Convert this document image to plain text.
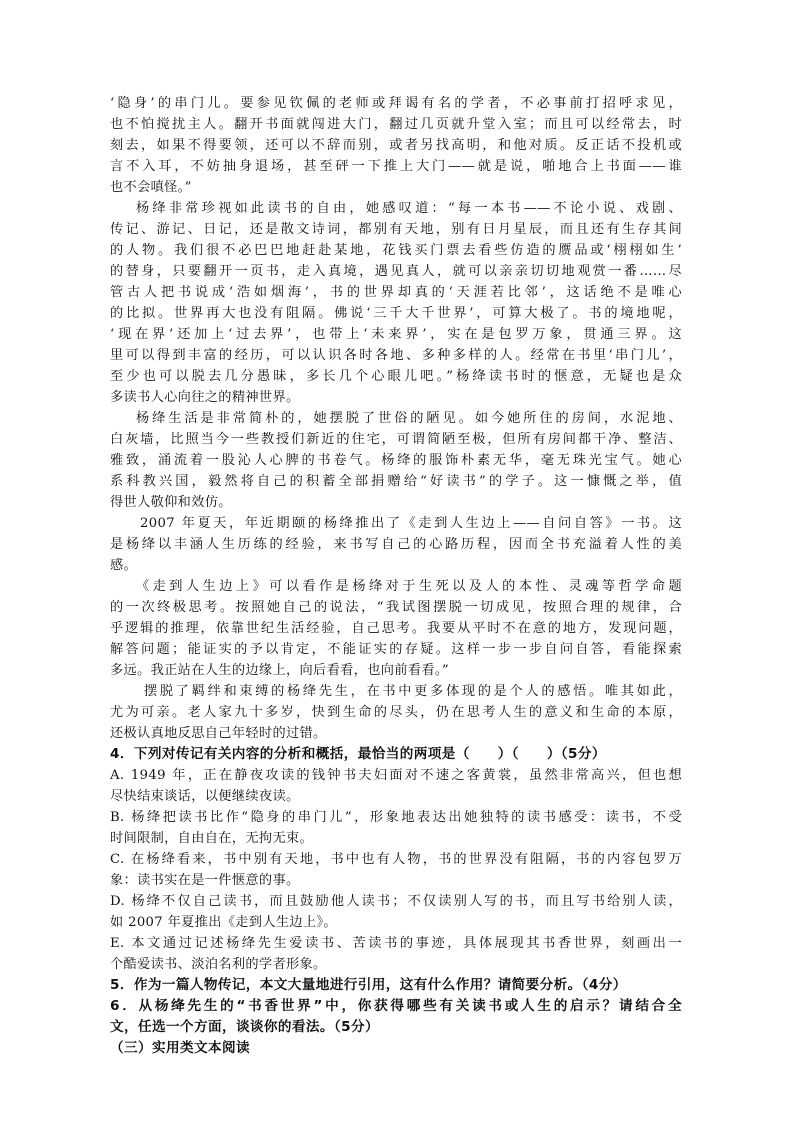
‘隐身’的串门儿。要参见钦佩的老师或拜谒有名的学者，不必事前打招呼求见，
也不怕搅扰主人。翻开书面就闯进大门，翻过几页就升堂入室；而且可以经常去，时
刻去，如果不得要领，还可以不辞而别，或者另找高明，和他对质。反正话不投机或
言不入耳，不妨抽身退场，甚至砰一下推上大门——就是说，啪地合上书面——谁
也不会嗔怪。”
杨绛非常珍视如此读书的自由，她感叹道：“每一本书——不论小说、戏剧、
传记、游记、日记，还是散文诗词，都别有天地，别有日月星辰，而且还有生存其间
的人物。我们很不必巴巴地赶赴某地，花钱买门票去看些仿造的赝品或‘栩栩如生’
的替身，只要翻开一页书，走入真境，遇见真人，就可以亲亲切切地观赏一番……尽
管古人把书说成‘浩如烟海’，书的世界却真的‘天涯若比邻’，这话绝不是唯心
的比拟。世界再大也没有阻隔。佛说‘三千大千世界’，可算大极了。书的境地呢，
‘现在界’还加上‘过去界’，也带上‘未来界’，实在是包罗万象，贯通三界。这
里可以得到丰富的经历，可以认识各时各地、多种多样的人。经常在书里‘串门儿’，
至少也可以脱去几分愚昧，多长几个心眼儿吧。”杨绛读书时的惬意，无疑也是众
多读书人心向往之的精神世界。
杨绛生活是非常简朴的，她摆脱了世俗的陋见。如今她所住的房间，水泥地、
白灰墙，比照当今一些教授们新近的住宅，可谓简陋至极，但所有房间都干净、整洁、
雅致，涌流着一股沁人心脾的书卷气。杨绛的服饰朴素无华，毫无珠光宝气。她心
系科教兴国，毅然将自己的积蓄全部捐赠给“好读书”的学子。这一慷慨之举，值
得世人敬仰和效仿。
2007 年夏天，年近期颐的杨绛推出了《走到人生边上——自问自答》一书。这
是杨绛以丰涵人生历练的经验，来书写自己的心路历程，因而全书充溢着人性的美
感。
《走到人生边上》可以看作是杨绛对于生死以及人的本性、灵魂等哲学命题
的一次终极思考。按照她自己的说法，“我试图摆脱一切成见，按照合理的规律，合
乎逻辑的推理，依靠世纪生活经验，自己思考。我要从平时不在意的地方，发现问题，
解答问题；能证实的予以肯定，不能证实的存疑。这样一步一步自问自答，看能探索
多远。我正站在人生的边缘上，向后看看，也向前看看。”
摆脱了羁绊和束缚的杨绛先生，在书中更多体现的是个人的感悟。唯其如此，
尤为可亲。老人家九十多岁，快到生命的尽头，仍在思考人生的意义和生命的本原，
还极认真地反思自己年轻时的过错。
4．下列对传记有关内容的分析和概括，最恰当的两项是（　　）（　　）（5分）
A. 1949 年，正在静夜攻读的钱钟书夫妇面对不速之客黄裳，虽然非常高兴，但也想
尽快结束谈话，以便继续夜读。
B. 杨绛把读书比作“隐身的串门儿”，形象地表达出她独特的读书感受：读书，不受
时间限制，自由自在，无拘无束。
C. 在杨绛看来，书中别有天地，书中也有人物，书的世界没有阻隔，书的内容包罗万
象：读书实在是一件惬意的事。
D. 杨绛不仅自己读书，而且鼓励他人读书；不仅读别人写的书，而且写书给别人读，
如 2007 年夏推出《走到人生边上》。
E. 本文通过记述杨绛先生爱读书、苦读书的事迹，具体展现其书香世界，刻画出一
个酷爱读书、淡泊名利的学者形象。
5．作为一篇人物传记，本文大量地进行引用，这有什么作用？请简要分析。（4分）
6．从杨绛先生的“书香世界”中，你获得哪些有关读书或人生的启示？请结合全
文，任选一个方面，谈谈你的看法。（5分）
（三）实用类文本阅读
